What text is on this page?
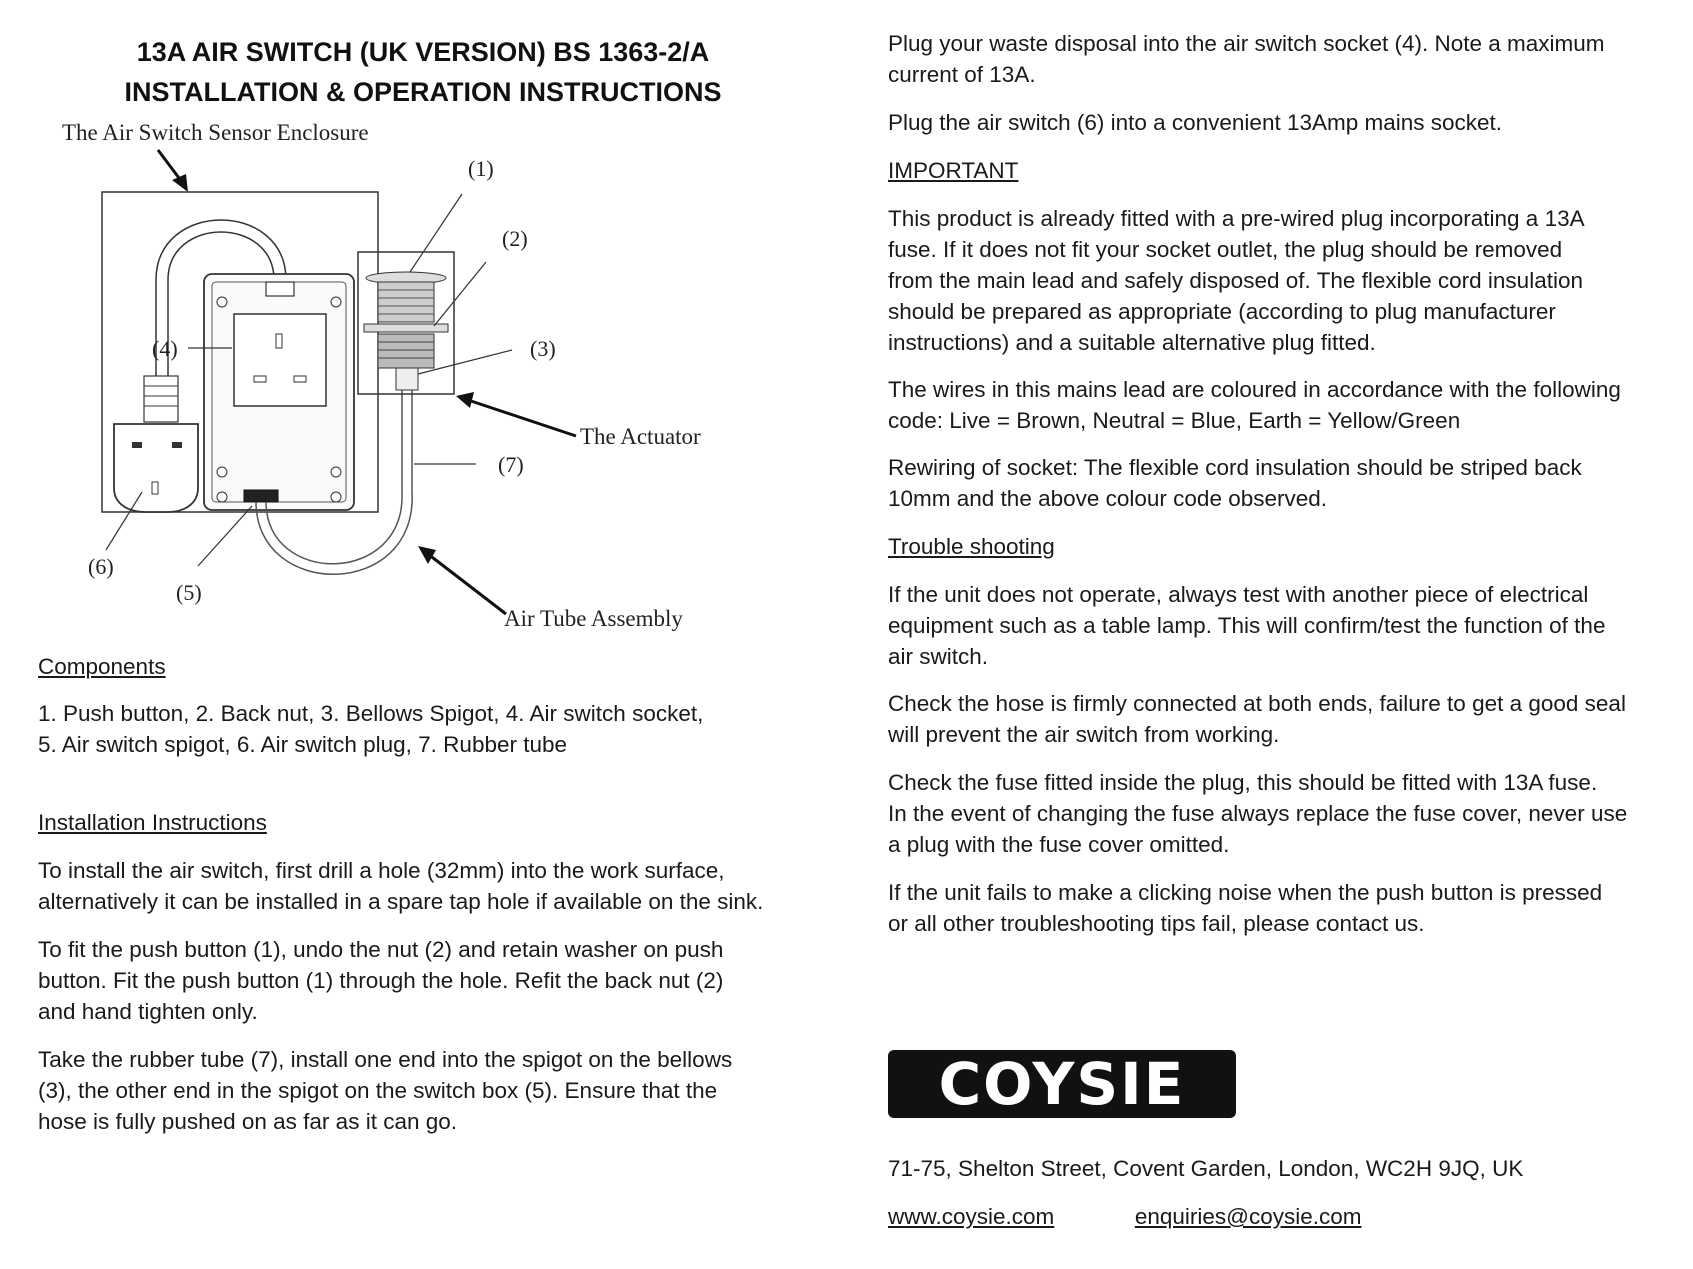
13A AIR SWITCH (UK VERSION) BS 1363-2/A
INSTALLATION & OPERATION INSTRUCTIONS
The Air Switch Sensor Enclosure
(1)
(2)
(3)
(4)
(5)
(6)
(7)
The Actuator
Air Tube Assembly
Components
1. Push button, 2. Back nut, 3. Bellows Spigot, 4. Air switch socket,
5. Air switch spigot, 6. Air switch plug, 7. Rubber tube
Installation Instructions
To install the air switch, first drill a hole (32mm) into the work surface,
alternatively it can be installed in a spare tap hole if available on the sink.
To fit the push button (1), undo the nut (2) and retain washer on push
button. Fit the push button (1) through the hole. Refit the back nut (2)
and hand tighten only.
Take the rubber tube (7), install one end into the spigot on the bellows
(3), the other end in the spigot on the switch box (5). Ensure that the
hose is fully pushed on as far as it can go.
Plug your waste disposal into the air switch socket (4). Note a maximum
current of 13A.
Plug the air switch (6) into a convenient 13Amp mains socket.
IMPORTANT
This product is already fitted with a pre-wired plug incorporating a 13A
fuse. If it does not fit your socket outlet, the plug should be removed
from the main lead and safely disposed of. The flexible cord insulation
should be prepared as appropriate (according to plug manufacturer
instructions) and a suitable alternative plug fitted.
The wires in this mains lead are coloured in accordance with the following
code: Live = Brown, Neutral = Blue, Earth = Yellow/Green
Rewiring of socket: The flexible cord insulation should be striped back
10mm and the above colour code observed.
Trouble shooting
If the unit does not operate, always test with another piece of electrical
equipment such as a table lamp. This will confirm/test the function of the
air switch.
Check the hose is firmly connected at both ends, failure to get a good seal
will prevent the air switch from working.
Check the fuse fitted inside the plug, this should be fitted with 13A fuse.
In the event of changing the fuse always replace the fuse cover, never use
a plug with the fuse cover omitted.
If the unit fails to make a clicking noise when the push button is pressed
or all other troubleshooting tips fail, please contact us.
COYSIE
71-75, Shelton Street, Covent Garden, London, WC2H 9JQ, UK
www.coysie.com	enquiries@coysie.com
